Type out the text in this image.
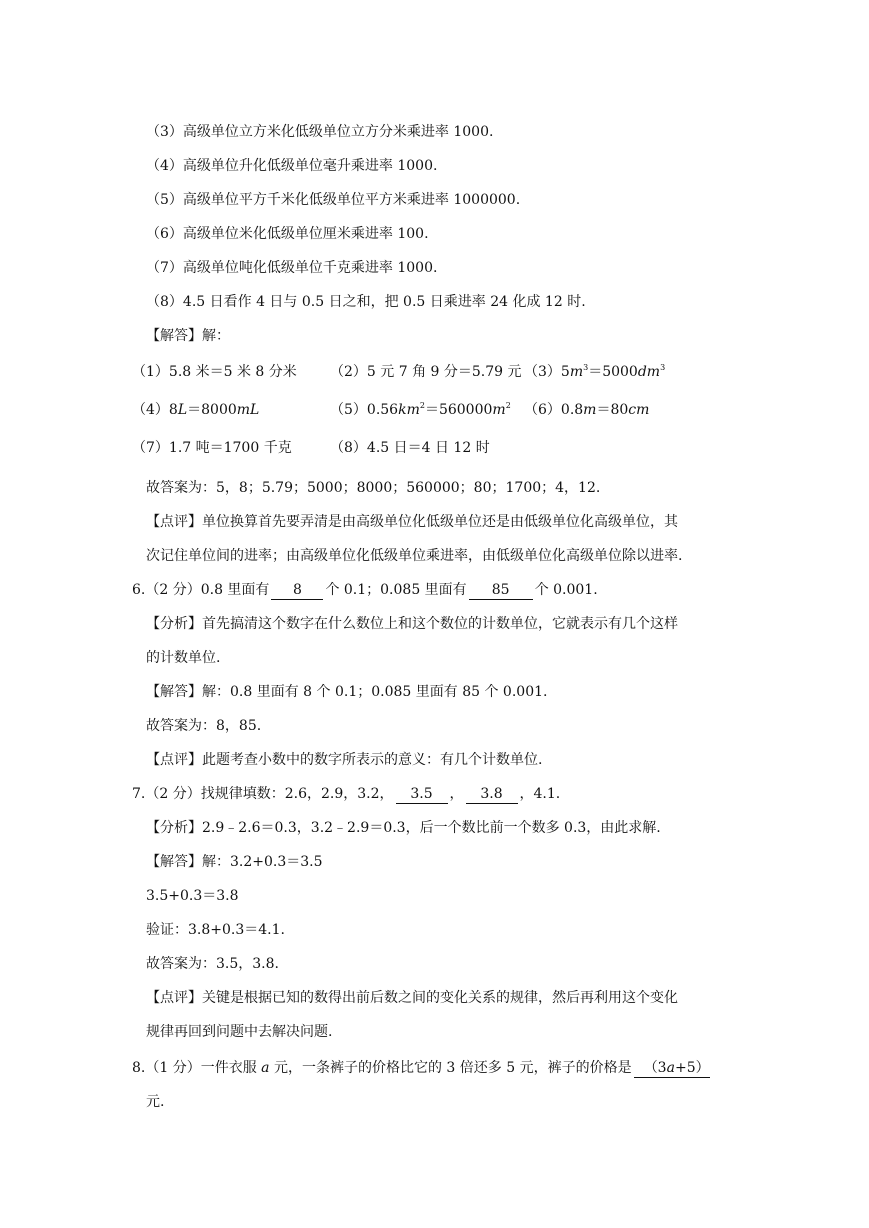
（3）高级单位立方米化低级单位立方分米乘进率 1000.
（4）高级单位升化低级单位毫升乘进率 1000.
（5）高级单位平方千米化低级单位平方米乘进率 1000000.
（6）高级单位米化低级单位厘米乘进率 100.
（7）高级单位吨化低级单位千克乘进率 1000.
（8）4.5 日看作 4 日与 0.5 日之和，把 0.5 日乘进率 24 化成 12 时.
【解答】解：
（1）5.8 米＝5 米 8 分米 （2）5 元 7 角 9 分＝5.79 元 $(3)5m^3=5000dm^3$
（4）8L＝8000mL	$(5)0.56km^2=560000m^2$ （6）0.8m＝80cm
（7）1.7 吨＝1700 千克	（8）4.5 日＝4 日 12 时
故答案为：5，8；5.79；5000；8000；560000；80；1700；4，12.
【点评】单位换算首先要弄清是由高级单位化低级单位还是由低级单位化高级单位，其
次记住单位间的进率；由高级单位化低级单位乘进率，由低级单位化高级单位除以进率.
6.（2 分）0.8 里面有 8 个 0.1；0.085 里面有 85 个 0.001.
【分析】首先搞清这个数字在什么数位上和这个数位的计数单位，它就表示有几个这样
的计数单位.
【解答】解：0.8 里面有 8 个 0.1；0.085 里面有 85 个 0.001.
故答案为：8，85.
【点评】此题考查小数中的数字所表示的意义：有几个计数单位.
7.（2 分）找规律填数：2.6，2.9，3.2， 3.5 ， 3.8 ，4.1.
【分析】2.9﹣2.6＝0.3，3.2﹣2.9＝0.3，后一个数比前一个数多 0.3，由此求解.
【解答】解：3.2+0.3＝3.5
3.5+0.3＝3.8
验证：3.8+0.3＝4.1.
故答案为：3.5，3.8.
【点评】关键是根据已知的数得出前后数之间的变化关系的规律，然后再利用这个变化
规律再回到问题中去解决问题.
8.（1 分）一件衣服 a 元，一条裤子的价格比它的 3 倍还多 5 元，裤子的价格是 （3a+5）
元.
